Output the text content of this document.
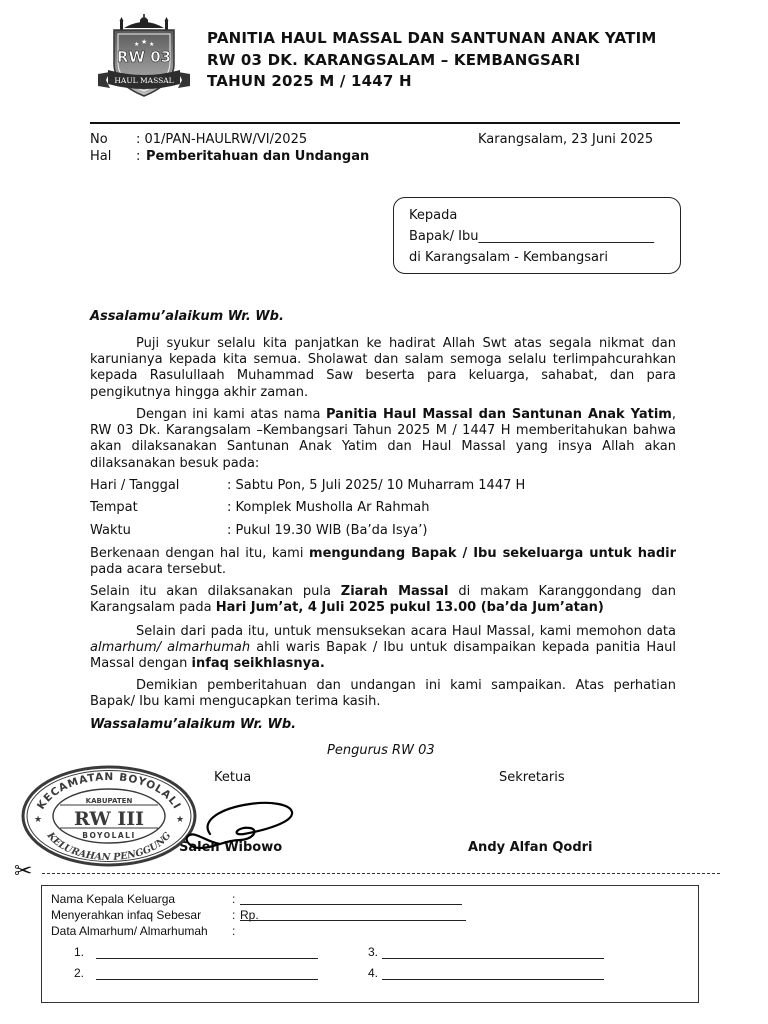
★ ★ ★
RW 03
HAUL MASSAL
PANITIA HAUL MASSAL DAN SANTUNAN ANAK YATIM
RW 03 DK. KARANGSALAM – KEMBANGSARI
TAHUN 2025 M / 1447 H
No : 01/PAN-HAULRW/VI/2025	Karangsalam, 23 Juni 2025
Hal : Pemberitahuan dan Undangan
Kepada
Bapak/ Ibu___________________________
di Karangsalam - Kembangsari
Assalamu’alaikum Wr. Wb.
Puji syukur selalu kita panjatkan ke hadirat Allah Swt atas segala nikmat dan karunianya kepada kita semua. Sholawat dan salam semoga selalu terlimpahcurahkan kepada Rasulullaah Muhammad Saw beserta para keluarga, sahabat, dan para pengikutnya hingga akhir zaman.
Dengan ini kami atas nama Panitia Haul Massal dan Santunan Anak Yatim, RW 03 Dk. Karangsalam –Kembangsari Tahun 2025 M / 1447 H memberitahukan bahwa akan dilaksanakan Santunan Anak Yatim dan Haul Massal yang insya Allah akan dilaksanakan besuk pada:
Hari / Tanggal	: Sabtu Pon, 5 Juli 2025/ 10 Muharram 1447 H
Tempat	: Komplek Musholla Ar Rahmah
Waktu	: Pukul 19.30 WIB (Ba’da Isya’)
Berkenaan dengan hal itu, kami mengundang Bapak / Ibu sekeluarga untuk hadir pada acara tersebut.
Selain itu akan dilaksanakan pula Ziarah Massal di makam Karanggondang dan Karangsalam pada Hari Jum’at, 4 Juli 2025 pukul 13.00 (ba’da Jum’atan)
Selain dari pada itu, untuk mensuksekan acara Haul Massal, kami memohon data almarhum/ almarhumah ahli waris Bapak / Ibu untuk disampaikan kepada panitia Haul Massal dengan infaq seikhlasnya.
Demikian pemberitahuan dan undangan ini kami sampaikan. Atas perhatian Bapak/ Ibu kami mengucapkan terima kasih.
Wassalamu’alaikum Wr. Wb.
Pengurus RW 03
Ketua	Sekretaris
Saleh Wibowo	Andy Alfan Qodri
KECAMATAN BOYOLALI
KELURAHAN PENGGUNG
★	★
KABUPATEN
RW III
BOYOLALI
✂
Nama Kepala Keluarga	:
Menyerahkan infaq Sebesar	: Rp.
Data Almarhum/ Almarhumah :
1.	3.
2.	4.
